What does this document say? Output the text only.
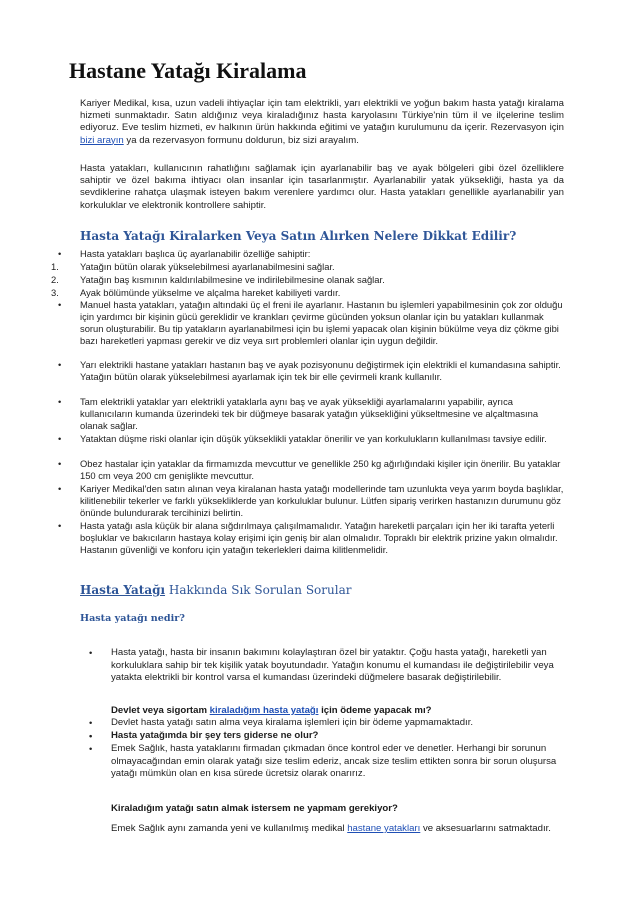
Hastane Yatağı Kiralama

Kariyer Medikal, kısa, uzun vadeli ihtiyaçlar için tam elektrikli, yarı elektrikli ve yoğun bakım hasta yatağı kiralama hizmeti sunmaktadır. Satın aldığınız veya kiraladığınız hasta karyolasını Türkiye'nin tüm il ve ilçelerine teslim ediyoruz. Eve teslim hizmeti, ev halkının ürün hakkında eğitimi ve yatağın kurulumunu da içerir. Rezervasyon için bizi arayın ya da rezervasyon formunu doldurun, biz sizi arayalım.

Hasta yatakları, kullanıcının rahatlığını sağlamak için ayarlanabilir baş ve ayak bölgeleri gibi özel özelliklere sahiptir ve özel bakıma ihtiyacı olan insanlar için tasarlanmıştır. Ayarlanabilir yatak yüksekliği, hasta ya da sevdiklerine rahatça ulaşmak isteyen bakım verenlere yardımcı olur. Hasta yatakları genellikle ayarlanabilir yan korkuluklar ve elektronik kontrollere sahiptir.

Hasta Yatağı Kiralarken Veya Satın Alırken Nelere Dikkat Edilir?
•	Hasta yatakları başlıca üç ayarlanabilir özelliğe sahiptir:
1.	Yatağın bütün olarak yükselebilmesi ayarlanabilmesini sağlar.
2.	Yatağın baş kısmının kaldırılabilmesine ve indirilebilmesine olanak sağlar.
3.	Ayak bölümünde yükselme ve alçalma hareket kabiliyeti vardır.
•	Manuel hasta yatakları, yatağın altındaki üç el freni ile ayarlanır. Hastanın bu işlemleri yapabilmesinin çok zor olduğu için yardımcı bir kişinin gücü gereklidir ve krankları çevirme gücünden yoksun olanlar için bu yatakları kullanmak sorun oluşturabilir. Bu tip yatakların ayarlanabilmesi için bu işlemi yapacak olan kişinin bükülme veya diz çökme gibi bazı hareketleri yapması gerekir ve diz veya sırt problemleri olanlar için uygun değildir.
•	Yarı elektrikli hastane yatakları hastanın baş ve ayak pozisyonunu değiştirmek için elektrikli el kumandasına sahiptir. Yatağın bütün olarak yükselebilmesi ayarlamak için tek bir elle çevirmeli krank kullanılır.
•	Tam elektrikli yataklar yarı elektrikli yataklarla aynı baş ve ayak yüksekliği ayarlamalarını yapabilir, ayrıca kullanıcıların kumanda üzerindeki tek bir düğmeye basarak yatağın yüksekliğini yükseltmesine ve alçaltmasına olanak sağlar.
•	Yataktan düşme riski olanlar için düşük yükseklikli yataklar önerilir ve yan korkulukların kullanılması tavsiye edilir.
•	Obez hastalar için yataklar da firmamızda mevcuttur ve genellikle 250 kg ağırlığındaki kişiler için önerilir. Bu yataklar 150 cm veya 200 cm genişlikte mevcuttur.
•	Kariyer Medikal'den satın alınan veya kiralanan hasta yatağı modellerinde tam uzunlukta veya yarım boyda başlıklar, kilitlenebilir tekerler ve farklı yüksekliklerde yan korkuluklar bulunur. Lütfen sipariş verirken hastanızın durumunu göz önünde bulundurarak tercihinizi belirtin.
•	Hasta yatağı asla küçük bir alana sığdırılmaya çalışılmamalıdır. Yatağın hareketli parçaları için her iki tarafta yeterli boşluklar ve bakıcıların hastaya kolay erişimi için geniş bir alan olmalıdır. Topraklı bir elektrik prizine yakın olmalıdır. Hastanın güvenliği ve konforu için yatağın tekerlekleri daima kilitlenmelidir.
Hasta Yatağı Hakkında Sık Sorulan Sorular
Hasta yatağı nedir?
•	Hasta yatağı, hasta bir insanın bakımını kolaylaştıran özel bir yataktır. Çoğu hasta yatağı, hareketli yan korkuluklara sahip bir tek kişilik yatak boyutundadır. Yatağın konumu el kumandası ile değiştirilebilir veya yatakta elektrikli bir kontrol varsa el kumandası üzerindeki düğmelere basarak değiştirilebilir.

Devlet veya sigortam kiraladığım hasta yatağı için ödeme yapacak mı?

•	Devlet hasta yatağı satın alma veya kiralama işlemleri için bir ödeme yapmamaktadır.
•	Hasta yatağımda bir şey ters giderse ne olur?
•	Emek Sağlık, hasta yataklarını firmadan çıkmadan önce kontrol eder ve denetler. Herhangi bir sorunun olmayacağından emin olarak yatağı size teslim ederiz, ancak size teslim ettikten sonra bir sorun oluşursa yatağı mümkün olan en kısa sürede ücretsiz olarak onarırız.

Kiraladığım yatağı satın almak istersem ne yapmam gerekiyor?

Emek Sağlık aynı zamanda yeni ve kullanılmış medikal hastane yatakları ve aksesuarlarını satmaktadır.
